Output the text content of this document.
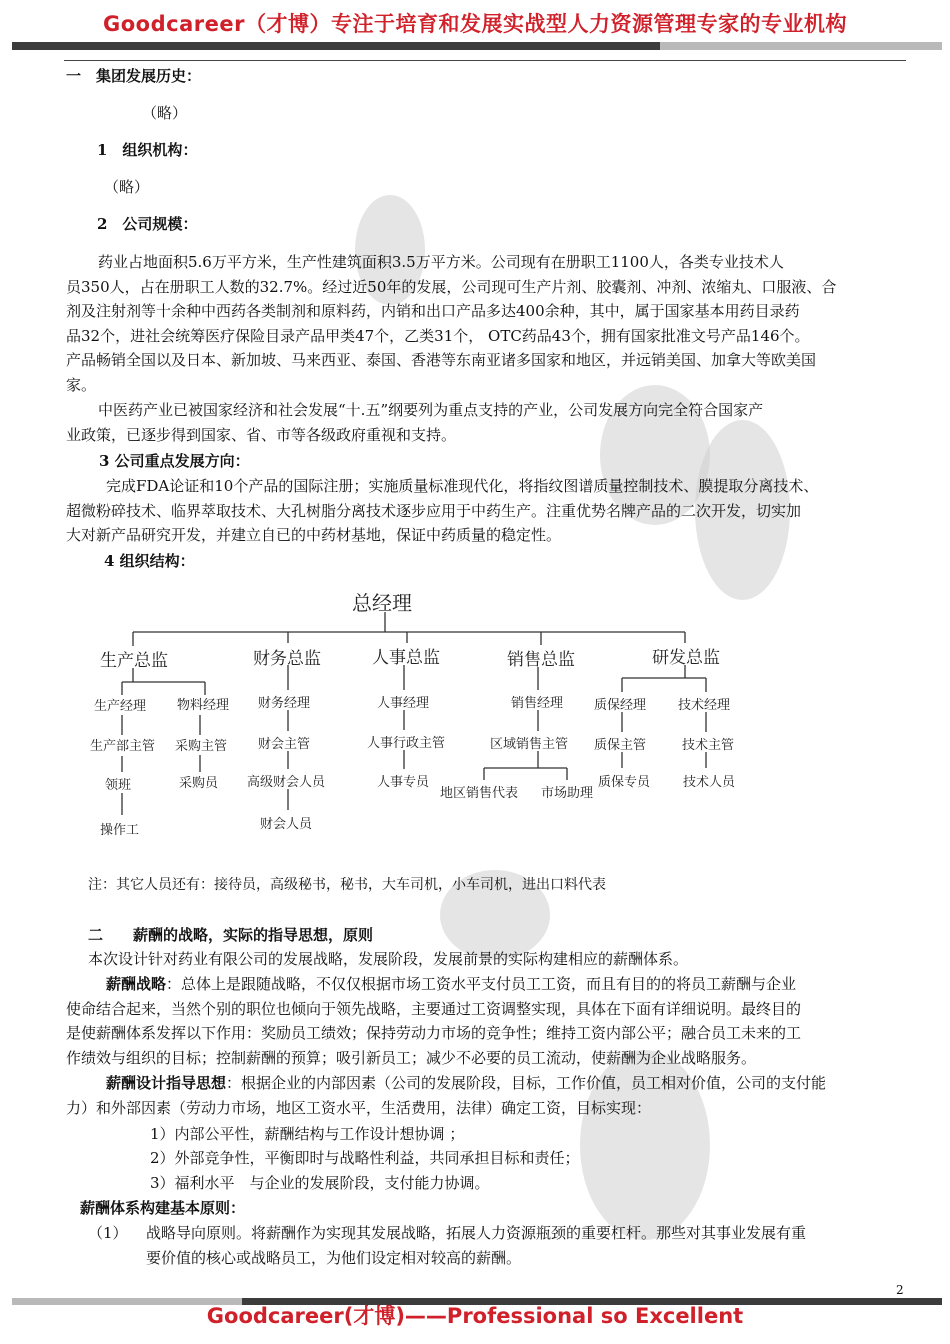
Goodcareer（才博）专注于培育和发展实战型人力资源管理专家的专业机构
一　集团发展历史：
（略）
1　组织机构：
（略）
2　公司规模：
药业占地面积5.6万平方米，生产性建筑面积3.5万平方米。公司现有在册职工1100人，各类专业技术人
员350人，占在册职工人数的32.7%。经过近50年的发展，公司现可生产片剂、胶囊剂、冲剂、浓缩丸、口服液、合
剂及注射剂等十余种中西药各类制剂和原料药，内销和出口产品多达400余种，其中，属于国家基本用药目录药
品32个，进社会统筹医疗保险目录产品甲类47个，乙类31个， OTC药品43个，拥有国家批准文号产品146个。
产品畅销全国以及日本、新加坡、马来西亚、泰国、香港等东南亚诸多国家和地区，并远销美国、加拿大等欧美国
家。
中医药产业已被国家经济和社会发展“十.五”纲要列为重点支持的产业，公司发展方向完全符合国家产
业政策，已逐步得到国家、省、市等各级政府重视和支持。
3 公司重点发展方向：
完成FDA论证和10个产品的国际注册；实施质量标准现代化，将指纹图谱质量控制技术、膜提取分离技术、
超微粉碎技术、临界萃取技术、大孔树脂分离技术逐步应用于中药生产。注重优势名牌产品的二次开发，切实加
大对新产品研究开发，并建立自已的中药材基地，保证中药质量的稳定性。
4 组织结构：
总经理
生产总监	财务总监	人事总监	销售总监	研发总监
生产经理
生产部主管
领班
操作工
物料经理
采购主管
采购员
财务经理
财会主管
高级财会人员
财会人员
人事经理
人事行政主管
人事专员
销售经理
区域销售主管
地区销售代表 市场助理
质保经理
质保主管
质保专员
技术经理
技术主管
技术人员
注：其它人员还有：接待员，高级秘书，秘书，大车司机，小车司机，进出口料代表
二　　薪酬的战略，实际的指导思想，原则
本次设计针对药业有限公司的发展战略，发展阶段，发展前景的实际构建相应的薪酬体系。
薪酬战略：总体上是跟随战略，不仅仅根据市场工资水平支付员工工资，而且有目的的将员工薪酬与企业
使命结合起来，当然个别的职位也倾向于领先战略，主要通过工资调整实现，具体在下面有详细说明。最终目的
是使薪酬体系发挥以下作用：奖励员工绩效；保持劳动力市场的竞争性；维持工资内部公平；融合员工未来的工
作绩效与组织的目标；控制薪酬的预算；吸引新员工；减少不必要的员工流动，使薪酬为企业战略服务。
薪酬设计指导思想：根据企业的内部因素（公司的发展阶段，目标，工作价值，员工相对价值，公司的支付能
力）和外部因素（劳动力市场，地区工资水平，生活费用，法律）确定工资，目标实现：
1）内部公平性，薪酬结构与工作设计想协调 ；
2）外部竞争性，平衡即时与战略性利益，共同承担目标和责任；
3）福利水平　与企业的发展阶段，支付能力协调。
薪酬体系构建基本原则：
（1） 战略导向原则。将薪酬作为实现其发展战略，拓展人力资源瓶颈的重要杠杆。那些对其事业发展有重
要价值的核心或战略员工，为他们设定相对较高的薪酬。
2
Goodcareer(才博)——Professional so Excellent
